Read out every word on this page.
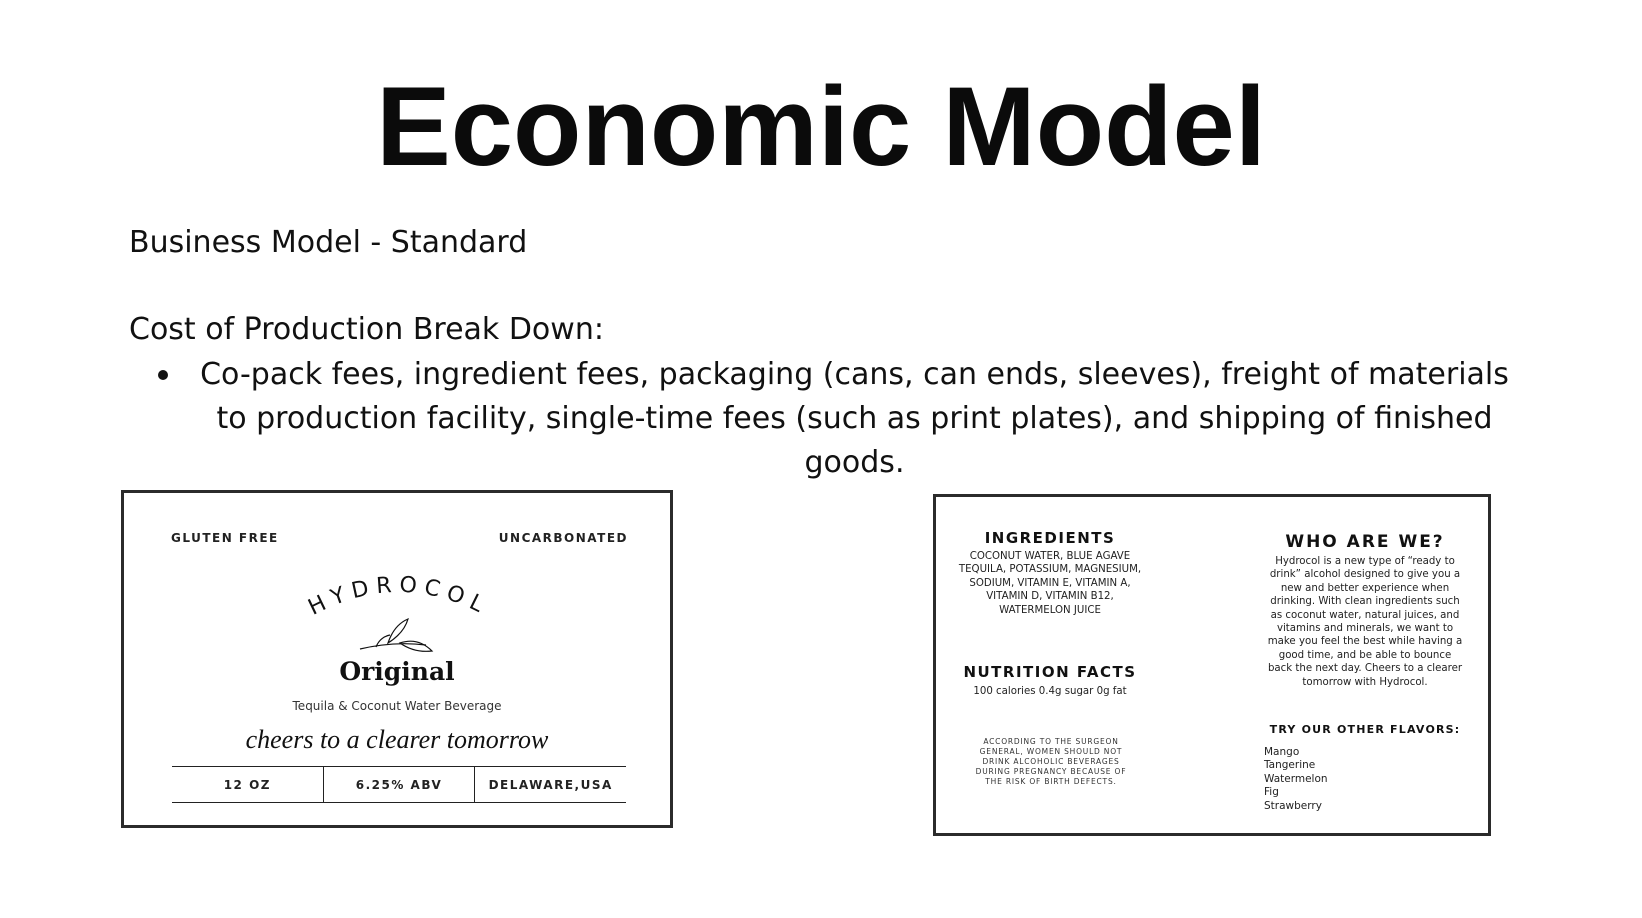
Economic Model
Business Model - Standard
Cost of Production Break Down:
Co-pack fees, ingredient fees, packaging (cans, can ends, sleeves), freight of materials to production facility, single-time fees (such as print plates), and shipping of finished goods.
GLUTEN FREE	UNCARBONATED
HYDROCOL
Original
Tequila & Coconut Water Beverage
cheers to a clearer tomorrow
12 OZ	6.25% ABV	DELAWARE,USA
INGREDIENTS
COCONUT WATER, BLUE AGAVE
TEQUILA, POTASSIUM, MAGNESIUM,
SODIUM, VITAMIN E, VITAMIN A,
VITAMIN D, VITAMIN B12,
WATERMELON JUICE
NUTRITION FACTS
100 calories 0.4g sugar 0g fat
ACCORDING TO THE SURGEON
GENERAL, WOMEN SHOULD NOT
DRINK ALCOHOLIC BEVERAGES
DURING PREGNANCY BECAUSE OF
THE RISK OF BIRTH DEFECTS.
WHO ARE WE?
Hydrocol is a new type of “ready to
drink” alcohol designed to give you a
new and better experience when
drinking. With clean ingredients such
as coconut water, natural juices, and
vitamins and minerals, we want to
make you feel the best while having a
good time, and be able to bounce
back the next day. Cheers to a clearer
tomorrow with Hydrocol.
TRY OUR OTHER FLAVORS:
Mango
Tangerine
Watermelon
Fig
Strawberry
